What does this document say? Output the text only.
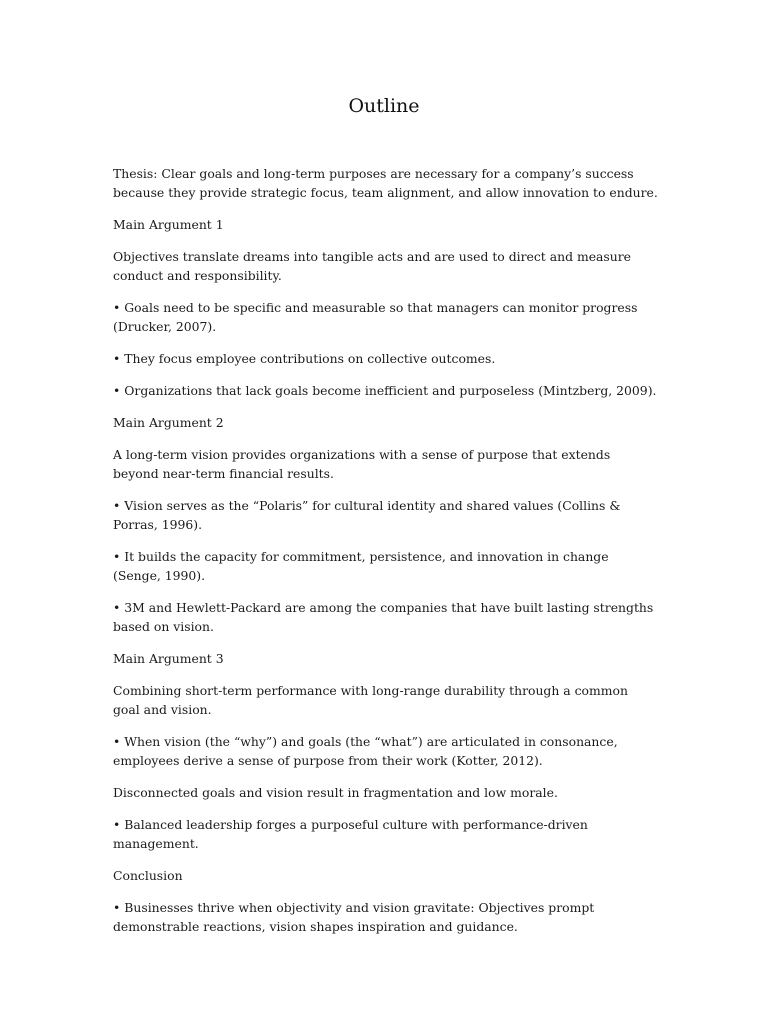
Outline

Thesis: Clear goals and long-term purposes are necessary for a company’s success because they provide strategic focus, team alignment, and allow innovation to endure.

Main Argument 1

Objectives translate dreams into tangible acts and are used to direct and measure conduct and responsibility.

• Goals need to be specific and measurable so that managers can monitor progress (Drucker, 2007).

• They focus employee contributions on collective outcomes.

• Organizations that lack goals become inefficient and purposeless (Mintzberg, 2009).

Main Argument 2

A long-term vision provides organizations with a sense of purpose that extends beyond near-term financial results.

• Vision serves as the “Polaris” for cultural identity and shared values (Collins & Porras, 1996).

• It builds the capacity for commitment, persistence, and innovation in change (Senge, 1990).

• 3M and Hewlett-Packard are among the companies that have built lasting strengths based on vision.

Main Argument 3

Combining short-term performance with long-range durability through a common goal and vision.

• When vision (the “why”) and goals (the “what”) are articulated in consonance, employees derive a sense of purpose from their work (Kotter, 2012).

Disconnected goals and vision result in fragmentation and low morale.

• Balanced leadership forges a purposeful culture with performance-driven management.

Conclusion

• Businesses thrive when objectivity and vision gravitate: Objectives prompt demonstrable reactions, vision shapes inspiration and guidance.
